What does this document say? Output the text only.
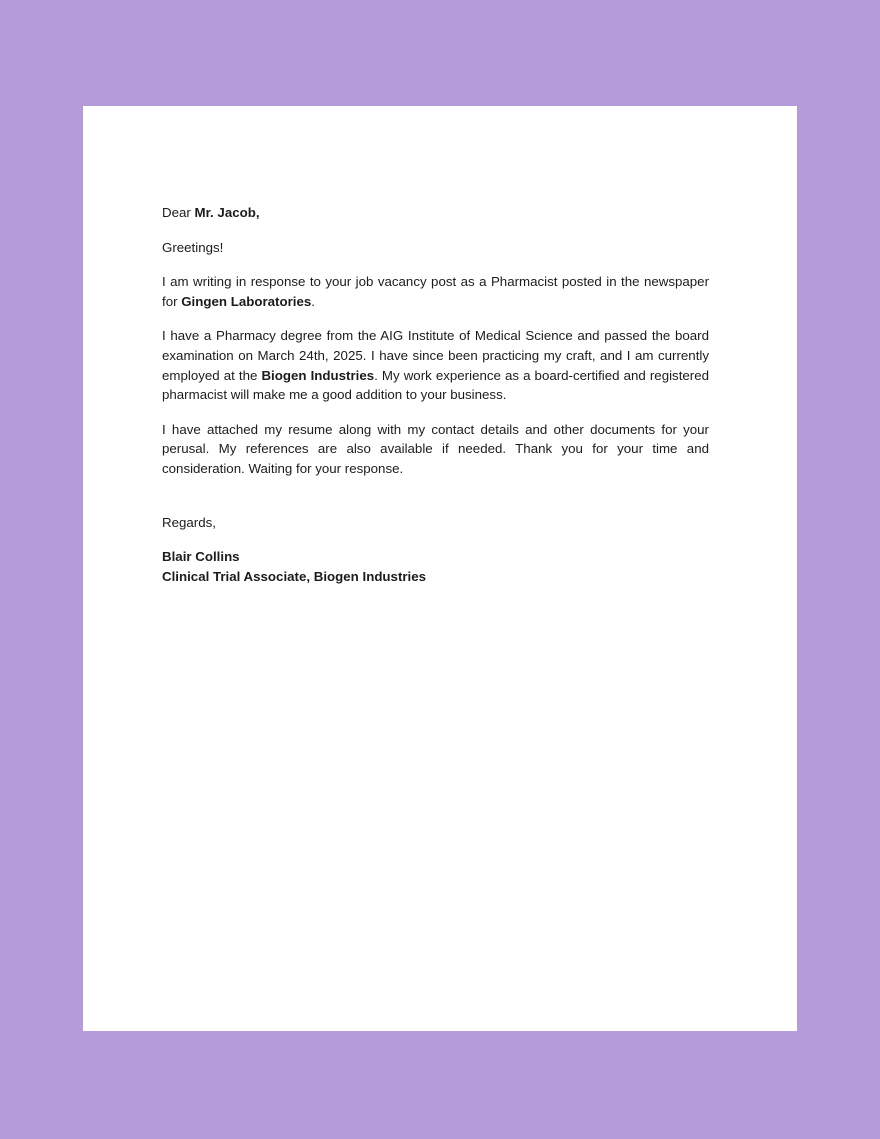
Dear Mr. Jacob,

Greetings!

I am writing in response to your job vacancy post as a Pharmacist posted in the newspaper for Gingen Laboratories.

I have a Pharmacy degree from the AIG Institute of Medical Science and passed the board examination on March 24th, 2025. I have since been practicing my craft, and I am currently employed at the Biogen Industries. My work experience as a board-certified and registered pharmacist will make me a good addition to your business.

I have attached my resume along with my contact details and other documents for your perusal. My references are also available if needed. Thank you for your time and consideration. Waiting for your response.

Regards,

Blair Collins
Clinical Trial Associate, Biogen Industries
